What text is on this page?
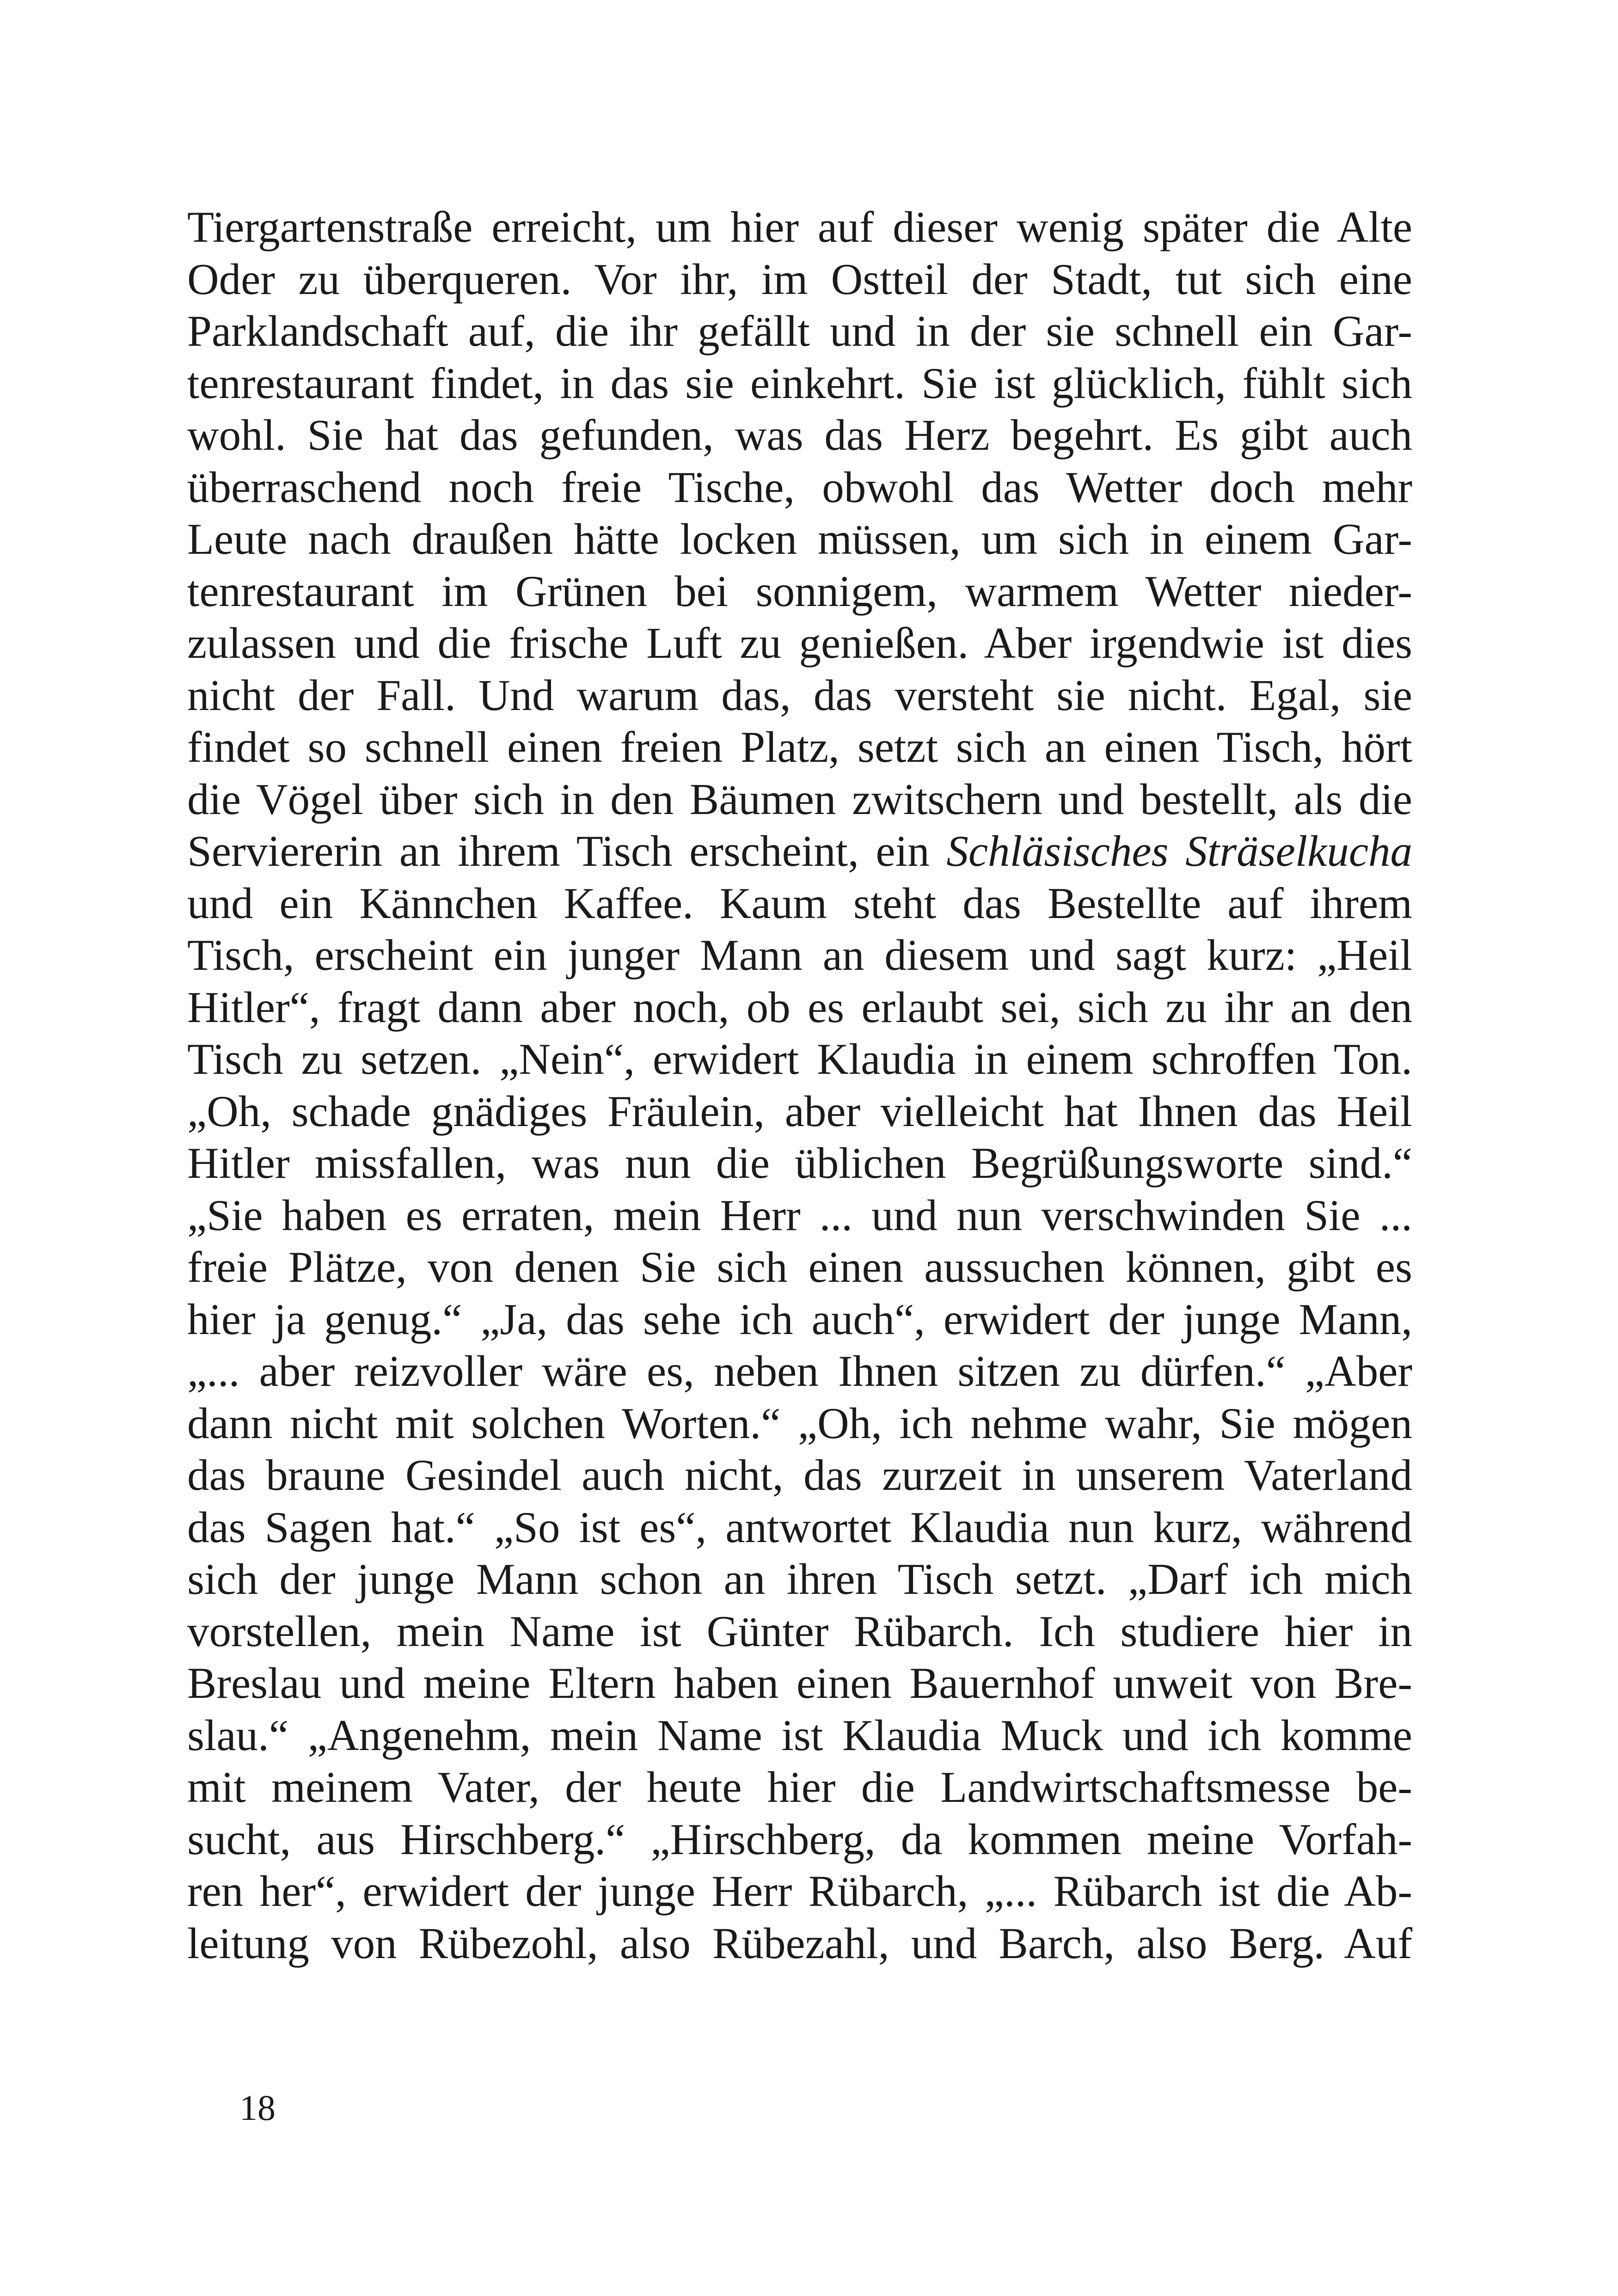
Tiergartenstraße erreicht, um hier auf dieser wenig später die Alte
Oder zu überqueren. Vor ihr, im Ostteil der Stadt, tut sich eine
Parklandschaft auf, die ihr gefällt und in der sie schnell ein Gar-
tenrestaurant findet, in das sie einkehrt. Sie ist glücklich, fühlt sich
wohl. Sie hat das gefunden, was das Herz begehrt. Es gibt auch
überraschend noch freie Tische, obwohl das Wetter doch mehr
Leute nach draußen hätte locken müssen, um sich in einem Gar-
tenrestaurant im Grünen bei sonnigem, warmem Wetter nieder-
zulassen und die frische Luft zu genießen. Aber irgendwie ist dies
nicht der Fall. Und warum das, das versteht sie nicht. Egal, sie
findet so schnell einen freien Platz, setzt sich an einen Tisch, hört
die Vögel über sich in den Bäumen zwitschern und bestellt, als die
Serviererin an ihrem Tisch erscheint, ein Schläsisches Sträselkucha
und ein Kännchen Kaffee. Kaum steht das Bestellte auf ihrem
Tisch, erscheint ein junger Mann an diesem und sagt kurz: „Heil
Hitler“, fragt dann aber noch, ob es erlaubt sei, sich zu ihr an den
Tisch zu setzen. „Nein“, erwidert Klaudia in einem schroffen Ton.
„Oh, schade gnädiges Fräulein, aber vielleicht hat Ihnen das Heil
Hitler missfallen, was nun die üblichen Begrüßungsworte sind.“
„Sie haben es erraten, mein Herr ... und nun verschwinden Sie ...
freie Plätze, von denen Sie sich einen aussuchen können, gibt es
hier ja genug.“ „Ja, das sehe ich auch“, erwidert der junge Mann,
„... aber reizvoller wäre es, neben Ihnen sitzen zu dürfen.“ „Aber
dann nicht mit solchen Worten.“ „Oh, ich nehme wahr, Sie mögen
das braune Gesindel auch nicht, das zurzeit in unserem Vaterland
das Sagen hat.“ „So ist es“, antwortet Klaudia nun kurz, während
sich der junge Mann schon an ihren Tisch setzt. „Darf ich mich
vorstellen, mein Name ist Günter Rübarch. Ich studiere hier in
Breslau und meine Eltern haben einen Bauernhof unweit von Bre-
slau.“ „Angenehm, mein Name ist Klaudia Muck und ich komme
mit meinem Vater, der heute hier die Landwirtschaftsmesse be-
sucht, aus Hirschberg.“ „Hirschberg, da kommen meine Vorfah-
ren her“, erwidert der junge Herr Rübarch, „... Rübarch ist die Ab-
leitung von Rübezohl, also Rübezahl, und Barch, also Berg. Auf
18
